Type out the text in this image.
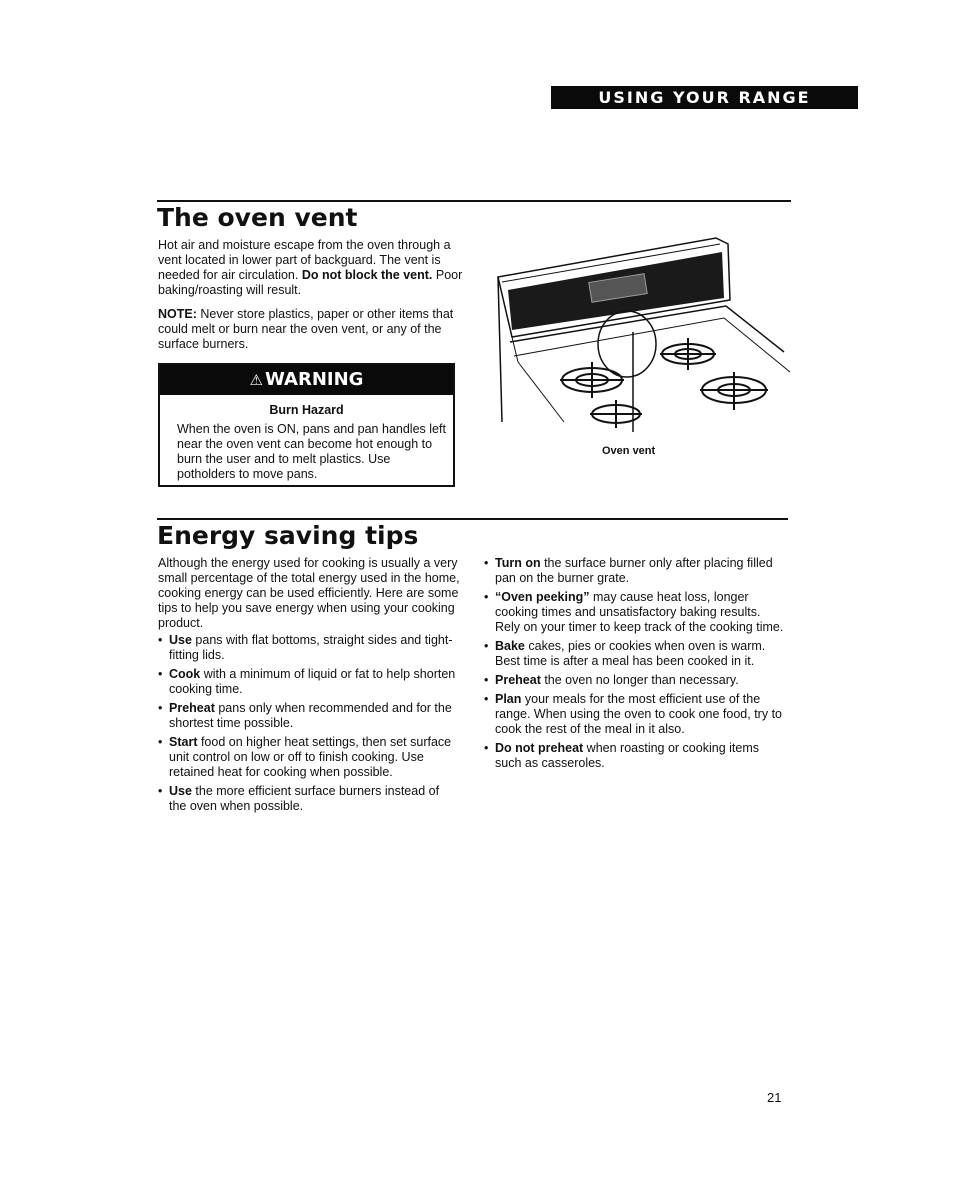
USING YOUR RANGE
The oven vent

Hot air and moisture escape from the oven through a vent located in lower part of backguard. The vent is needed for air circulation. Do not block the vent. Poor baking/roasting will result.

NOTE: Never store plastics, paper or other items that could melt or burn near the oven vent, or any of the surface burners.

⚠ WARNING
Burn Hazard

When the oven is ON, pans and pan handles left near the oven vent can become hot enough to burn the user and to melt plastics. Use potholders to move pans.

Oven vent
Energy saving tips

Although the energy used for cooking is usually a very small percentage of the total energy used in the home, cooking energy can be used efficiently. Here are some tips to help you save energy when using your cooking product.

• Use pans with flat bottoms, straight sides and tight-fitting lids.
• Cook with a minimum of liquid or fat to help shorten cooking time.
• Preheat pans only when recommended and for the shortest time possible.
• Start food on higher heat settings, then set surface unit control on low or off to finish cooking. Use retained heat for cooking when possible.
• Use the more efficient surface burners instead of the oven when possible.
• Turn on the surface burner only after placing filled pan on the burner grate.
• “Oven peeking” may cause heat loss, longer cooking times and unsatisfactory baking results. Rely on your timer to keep track of the cooking time.
• Bake cakes, pies or cookies when oven is warm. Best time is after a meal has been cooked in it.
• Preheat the oven no longer than necessary.
• Plan your meals for the most efficient use of the range. When using the oven to cook one food, try to cook the rest of the meal in it also.
• Do not preheat when roasting or cooking items such as casseroles.
21
